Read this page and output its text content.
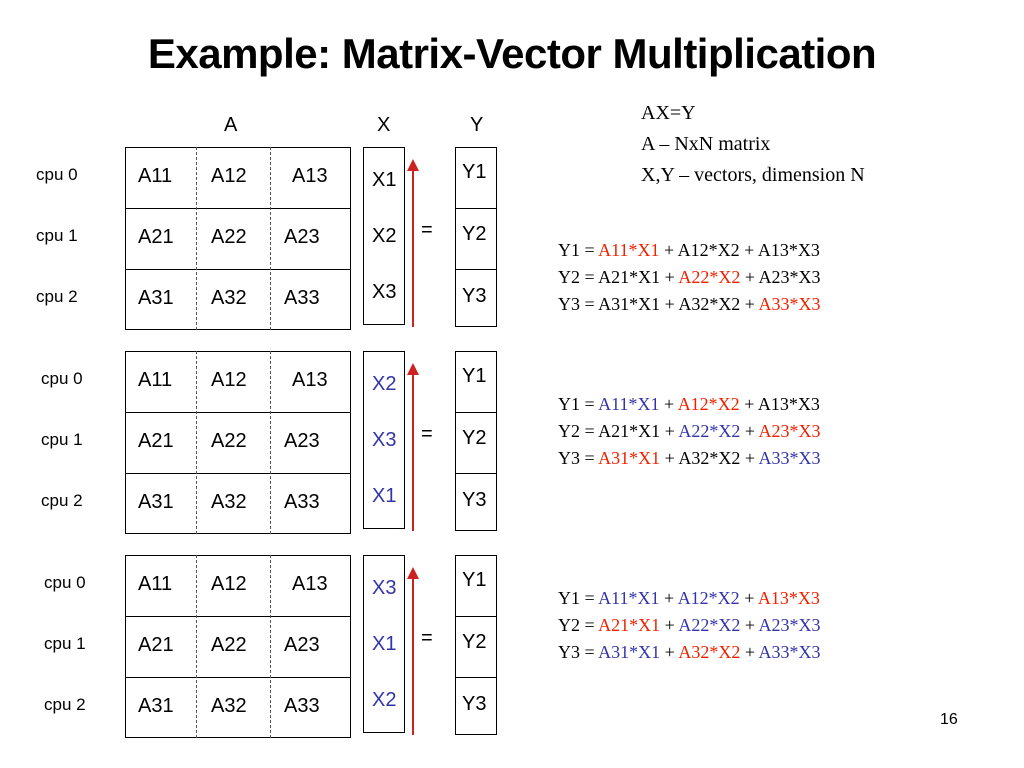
Example: Matrix-Vector Multiplication
A	X	Y
AX=Y
A – NxN matrix
X,Y – vectors, dimension N
cpu 0
cpu 1
cpu 2
A11 A12 A13
A21 A22 A23
A31 A32 A33
X1
X2
X3
=
Y1
Y2
Y3
Y1 = A11*X1 + A12*X2 + A13*X3
Y2 = A21*X1 + A22*X2 + A23*X3
Y3 = A31*X1 + A32*X2 + A33*X3
cpu 0
cpu 1
cpu 2
A11 A12 A13
A21 A22 A23
A31 A32 A33
X2
X3
X1
=
Y1
Y2
Y3
Y1 = A11*X1 + A12*X2 + A13*X3
Y2 = A21*X1 + A22*X2 + A23*X3
Y3 = A31*X1 + A32*X2 + A33*X3
cpu 0
cpu 1
cpu 2
A11 A12 A13
A21 A22 A23
A31 A32 A33
X3
X1
X2
=
Y1
Y2
Y3
Y1 = A11*X1 + A12*X2 + A13*X3
Y2 = A21*X1 + A22*X2 + A23*X3
Y3 = A31*X1 + A32*X2 + A33*X3
16
